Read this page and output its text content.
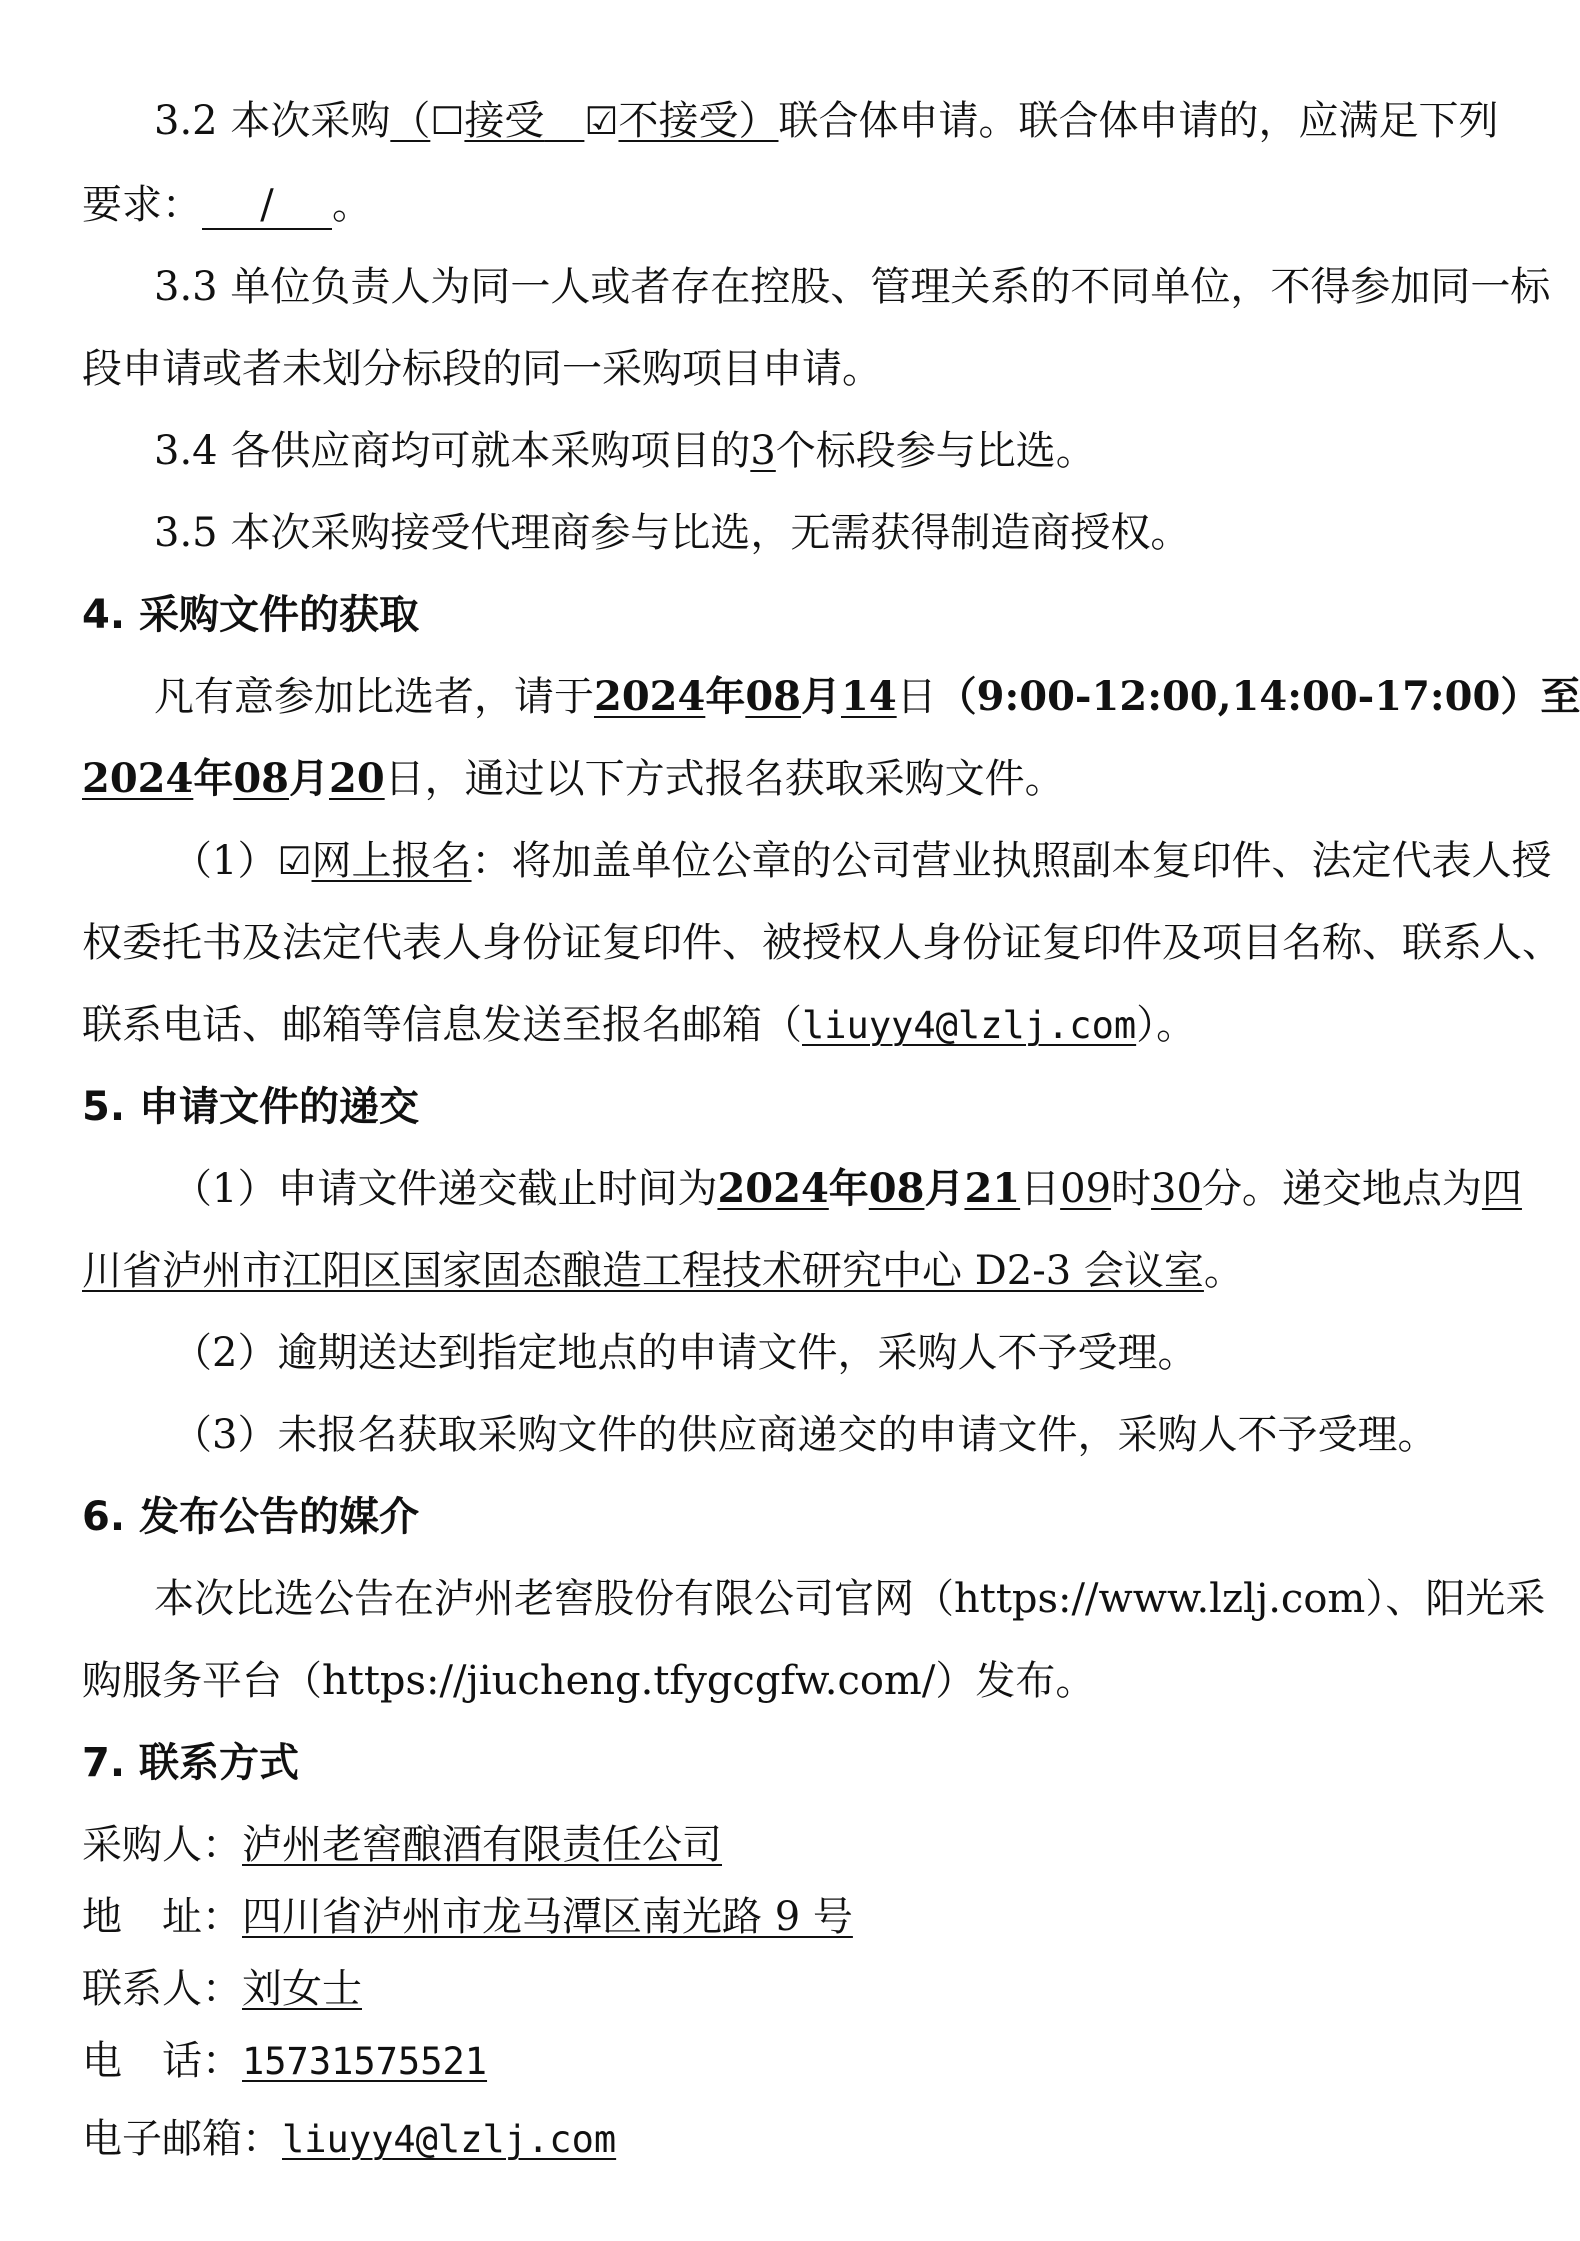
3.2 本次采购（☐接受　 ☑不接受）联合体申请。联合体申请的，应满足下列
要求： / 。
3.3 单位负责人为同一人或者存在控股、管理关系的不同单位，不得参加同一标
段申请或者未划分标段的同一采购项目申请。
3.4 各供应商均可就本采购项目的3个标段参与比选。
3.5 本次采购接受代理商参与比选，无需获得制造商授权。
4. 采购文件的获取
凡有意参加比选者，请于2024年08月14日（9:00-12:00,14:00-17:00）至
2024年08月20日，通过以下方式报名获取采购文件。
（1）☑网上报名：将加盖单位公章的公司营业执照副本复印件、法定代表人授
权委托书及法定代表人身份证复印件、被授权人身份证复印件及项目名称、联系人、
联系电话、邮箱等信息发送至报名邮箱（liuyy4@lzlj.com）。
5. 申请文件的递交
（1）申请文件递交截止时间为2024年08月21日09时30分。递交地点为四
川省泸州市江阳区国家固态酿造工程技术研究中心 D2-3 会议室。
（2）逾期送达到指定地点的申请文件，采购人不予受理。
（3）未报名获取采购文件的供应商递交的申请文件，采购人不予受理。
6. 发布公告的媒介
本次比选公告在泸州老窖股份有限公司官网（https://www.lzlj.com）、阳光采
购服务平台（https://jiucheng.tfygcgfw.com/）发布。
7. 联系方式
采购人：泸州老窖酿酒有限责任公司
地　址：四川省泸州市龙马潭区南光路 9 号
联系人：刘女士
电　话：15731575521
电子邮箱：liuyy4@lzlj.com
